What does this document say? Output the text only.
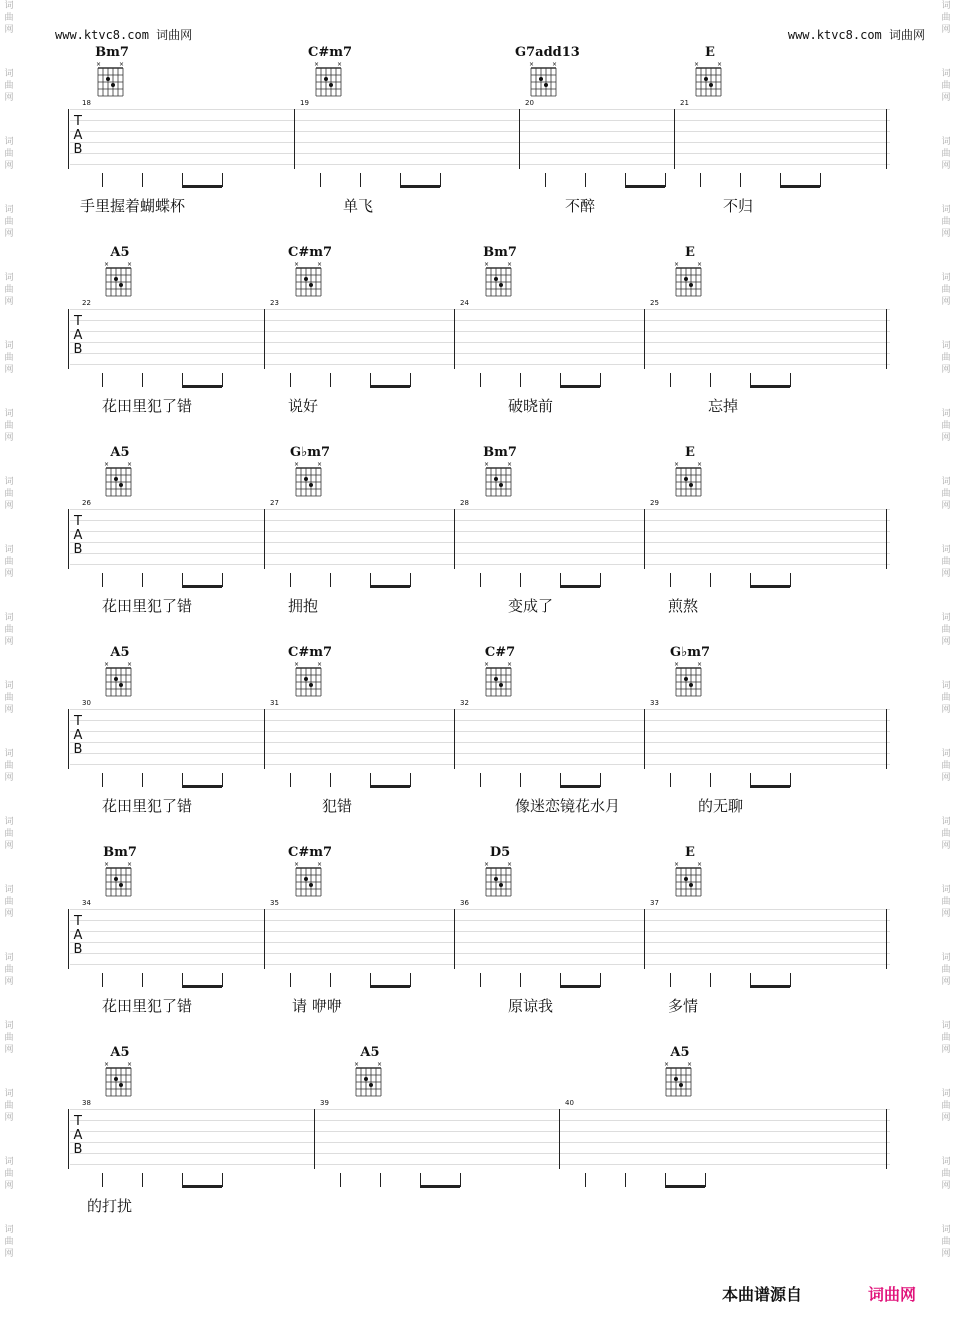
www.ktvc8.com 词曲网	www.ktvc8.com 词曲网
词
曲
网
词
曲
网
词
曲
网
词
曲
网
词
曲
网
词
曲
网
词
曲
网
词
曲
网
词
曲
网
词
曲
网
词
曲
网
词
曲
网
词
曲
网
词
曲
网
词
曲
网
词
曲
网
词
曲
网
词
曲
网
词
曲
网
词
曲
网
词
曲
网
词
曲
网
词
曲
网
词
曲
网
词
曲
网
词
曲
网
词
曲
网
词
曲
网
词
曲
网
词
曲
网
词
曲
网
词
曲
网
词
曲
网
词
曲
网
词
曲
网
词
曲
网
词
曲
网
词
曲
网
Bm7
×	×
C#m7
×	×
G7add13
×	×
E
×	×
T
A
B
18	19	20	21
手里握着蝴蝶杯	单飞	不醉	不归
A5
×	×
C#m7
×	×
Bm7
×	×
E
×	×
T
A
B
22	23	24	25
花田里犯了错	说好	破晓前	忘掉
A5
×	×
G♭m7
×	×
Bm7
×	×
E
×	×
T
A
B
26	27	28	29
花田里犯了错	拥抱	变成了	煎熬
A5
×	×
C#m7
×	×
C#7
×	×
G♭m7
×	×
T
A
B
30	31	32	33
花田里犯了错	犯错	像迷恋镜花水月	的无聊
Bm7
×	×
C#m7
×	×
D5
×	×
E
×	×
T
A
B
34	35	36	37
花田里犯了错	请 咿咿	原谅我	多情
A5
×	×
A5
×	×
A5
×	×
T
A
B
38	39	40
的打扰
本曲谱源自	词曲网
